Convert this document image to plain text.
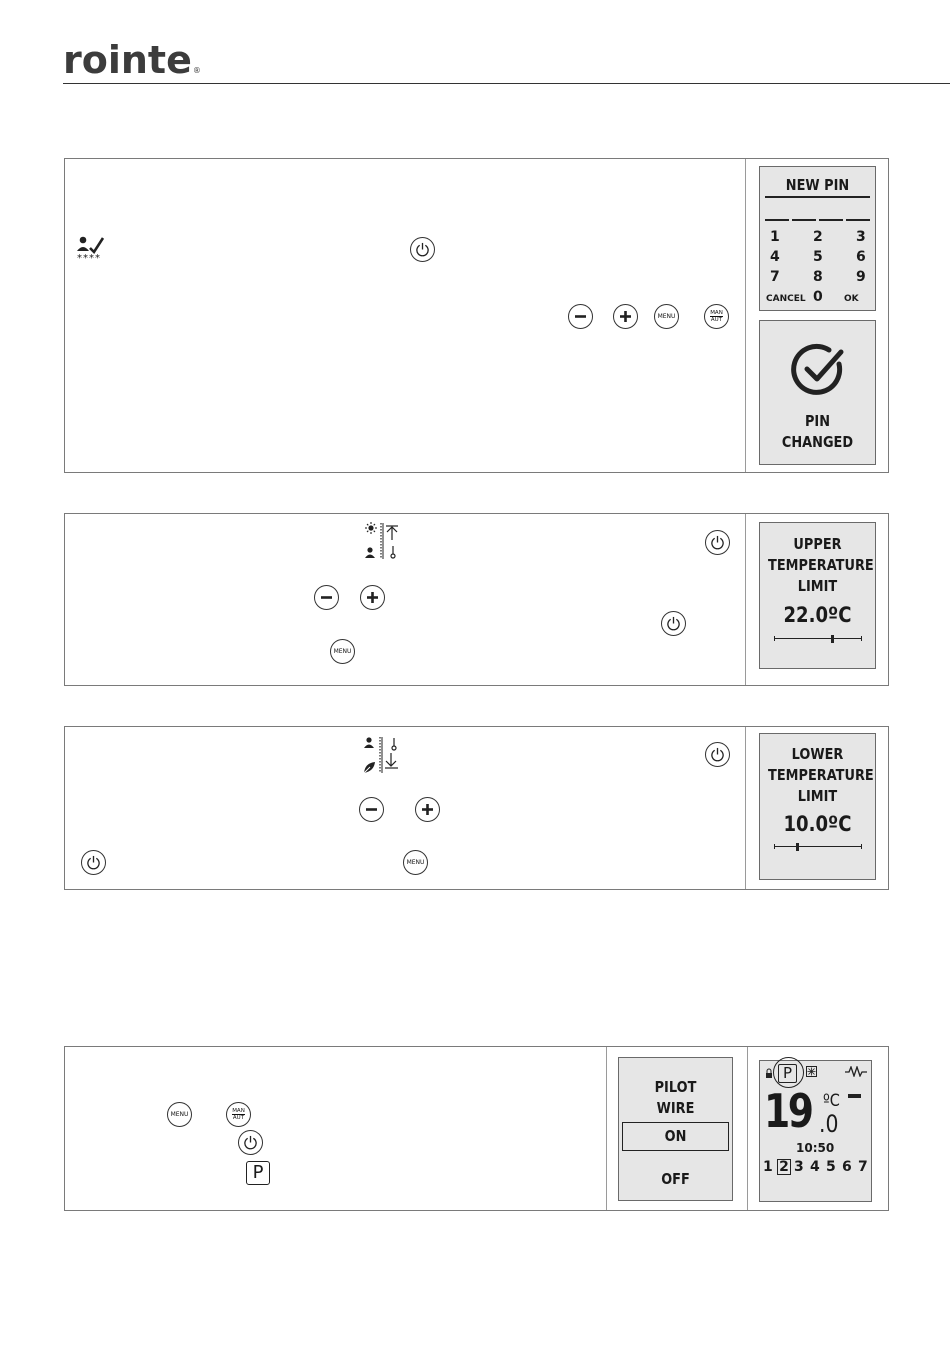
rointe®
****
MENU	MAN
AUT
NEW PIN
1 2 3
4 5 6
7 8 9
CANCEL 0 OK
PIN
CHANGED
MENU
UPPER
TEMPERATURE
LIMIT
22.0ºC
MENU
LOWER
TEMPERATURE
LIMIT
10.0ºC
MENU	MAN
AUT
P
PILOT
WIRE
ON
OFF
P
19 ºC
.0
10:50
1 2 3 4 5 6 7
